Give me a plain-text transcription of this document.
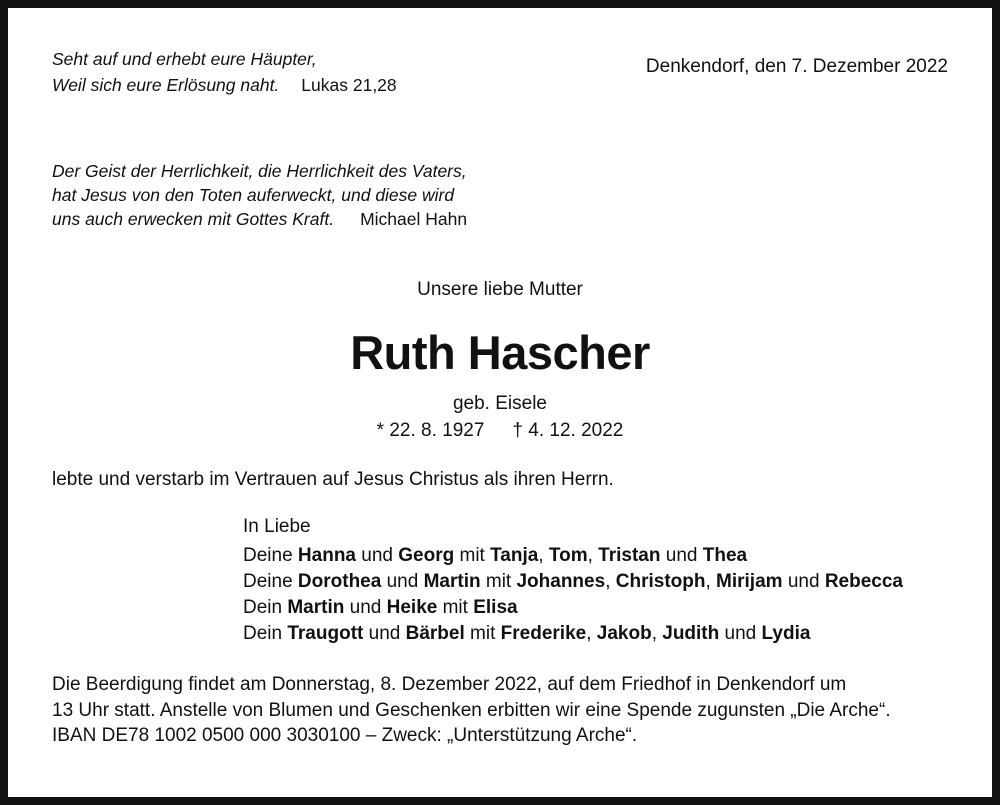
Seht auf und erhebt eure Häupter,
Weil sich eure Erlösung naht. Lukas 21,28
Denkendorf, den 7. Dezember 2022
Der Geist der Herrlichkeit, die Herrlichkeit des Vaters,
hat Jesus von den Toten auferweckt, und diese wird
uns auch erwecken mit Gottes Kraft. Michael Hahn
Unsere liebe Mutter
Ruth Hascher
geb. Eisele
* 22. 8. 1927 † 4. 12. 2022
lebte und verstarb im Vertrauen auf Jesus Christus als ihren Herrn.
In Liebe
Deine Hanna und Georg mit Tanja, Tom, Tristan und Thea
Deine Dorothea und Martin mit Johannes, Christoph, Mirijam und Rebecca
Dein Martin und Heike mit Elisa
Dein Traugott und Bärbel mit Frederike, Jakob, Judith und Lydia
Die Beerdigung findet am Donnerstag, 8. Dezember 2022, auf dem Friedhof in Denkendorf um
13 Uhr statt. Anstelle von Blumen und Geschenken erbitten wir eine Spende zugunsten „Die Arche“.
IBAN DE78 1002 0500 000 3030100 – Zweck: „Unterstützung Arche“.
